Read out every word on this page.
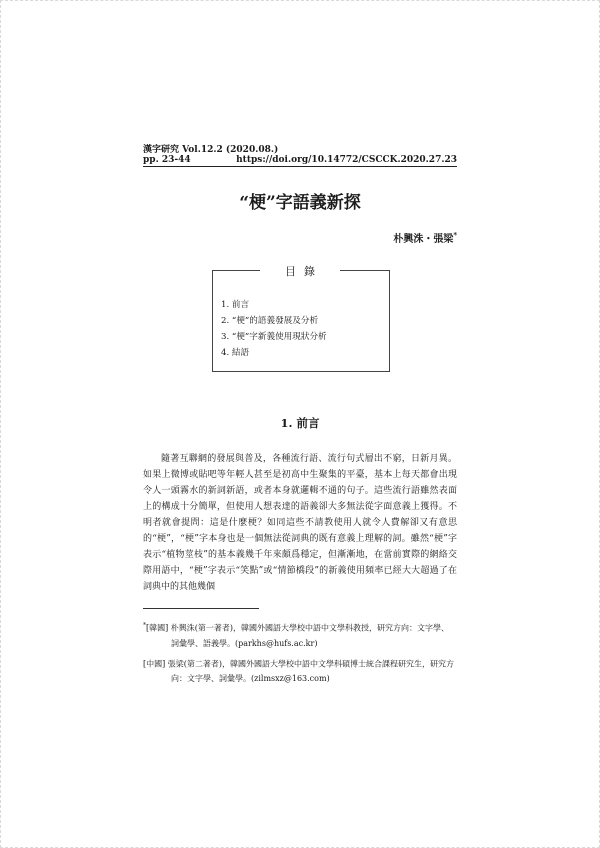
漢字研究 Vol.12.2 (2020.08.)
pp. 23-44	https://doi.org/10.14772/CSCCK.2020.27.23
“梗”字語義新探
朴興洙・張梁*
目錄
1. 前言
2. “梗”的語義發展及分析
3. “梗”字新義使用現狀分析
4. 結語
1. 前言

隨著互聯網的發展與普及，各種流行語、流行句式層出不窮，日新月異。如果上微博或貼吧等年輕人甚至是初高中生聚集的平臺，基本上每天都會出現令人一頭霧水的新詞新語，或者本身就邏輯不通的句子。這些流行語雖然表面上的構成十分簡單，但使用人想表達的語義卻大多無法從字面意義上獲得。不明者就會提問：這是什麼梗？如同這些不請教使用人就令人費解卻又有意思的“梗”，“梗”字本身也是一個無法從詞典的既有意義上理解的詞。雖然“梗”字表示“植物莖枝”的基本義幾千年來頗爲穩定，但漸漸地，在當前實際的網絡交際用語中，“梗”字表示“笑點”或“情節橋段”的新義使用頻率已經大大超過了在詞典中的其他幾個

*[韓國] 朴興洙(第一著者)，韓國外國語大學校中語中文學科教授，研究方向：文字學、詞彙學、語義學。(parkhs@hufs.ac.kr)

[中國] 張梁(第二著者)，韓國外國語大學校中語中文學科碩博士統合課程研究生，研究方向：文字學、詞彙學。(zilmsxz@163.com)
